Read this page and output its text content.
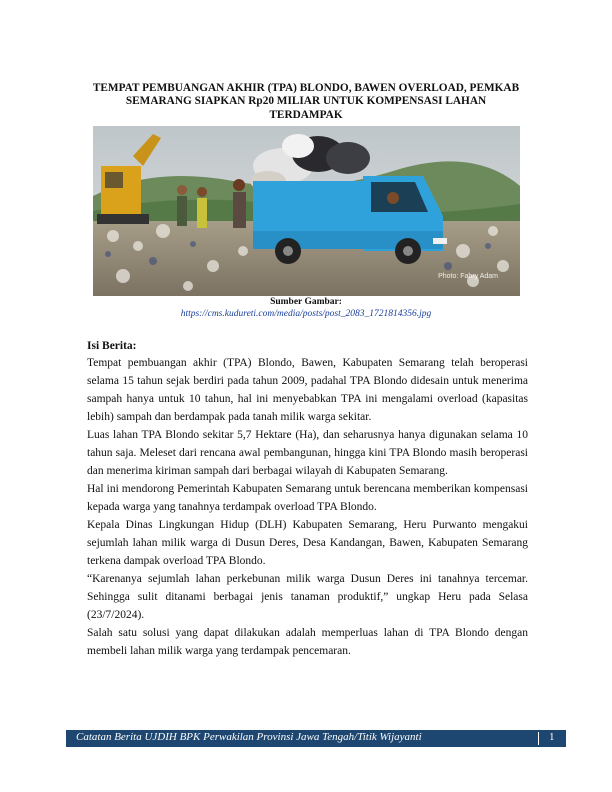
TEMPAT PEMBUANGAN AKHIR (TPA) BLONDO, BAWEN OVERLOAD, PEMKAB SEMARANG SIAPKAN Rp20 MILIAR UNTUK KOMPENSASI LAHAN TERDAMPAK
Photo: Fahry Adam
Sumber Gambar:
https://cms.kudureti.com/media/posts/post_2083_1721814356.jpg
Isi Berita:

Tempat pembuangan akhir (TPA) Blondo, Bawen, Kabupaten Semarang telah beroperasi selama 15 tahun sejak berdiri pada tahun 2009, padahal TPA Blondo didesain untuk menerima sampah hanya untuk 10 tahun, hal ini menyebabkan TPA ini mengalami overload (kapasitas lebih) sampah dan berdampak pada tanah milik warga sekitar.

Luas lahan TPA Blondo sekitar 5,7 Hektare (Ha), dan seharusnya hanya digunakan selama 10 tahun saja. Meleset dari rencana awal pembangunan, hingga kini TPA Blondo masih beroperasi dan menerima kiriman sampah dari berbagai wilayah di Kabupaten Semarang.

Hal ini mendorong Pemerintah Kabupaten Semarang untuk berencana memberikan kompensasi kepada warga yang tanahnya terdampak overload TPA Blondo.

Kepala Dinas Lingkungan Hidup (DLH) Kabupaten Semarang, Heru Purwanto mengakui sejumlah lahan milik warga di Dusun Deres, Desa Kandangan, Bawen, Kabupaten Semarang terkena dampak overload TPA Blondo.

“Karenanya sejumlah lahan perkebunan milik warga Dusun Deres ini tanahnya tercemar. Sehingga sulit ditanami berbagai jenis tanaman produktif,” ungkap Heru pada Selasa (23/7/2024).

Salah satu solusi yang dapat dilakukan adalah memperluas lahan di TPA Blondo dengan membeli lahan milik warga yang terdampak pencemaran.

Catatan Berita UJDIH BPK Perwakilan Provinsi Jawa Tengah/Titik Wijayanti	1
